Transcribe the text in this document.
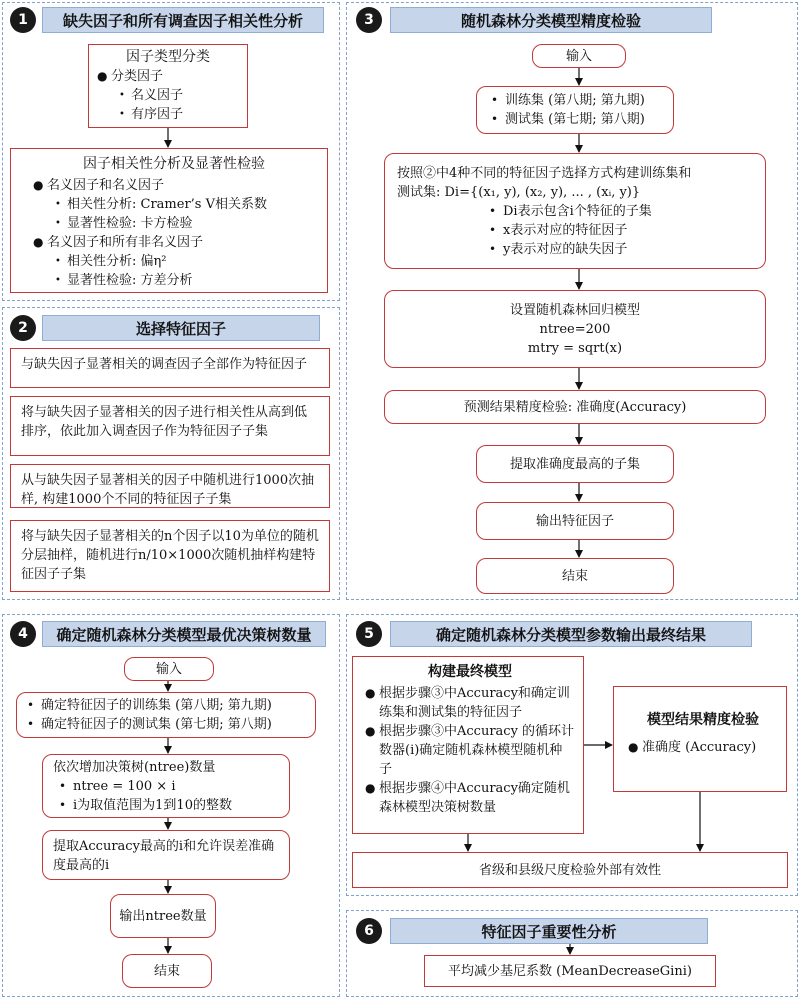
1	缺失因子和所有调查因子相关性分析
因子类型分类
● 分类因子
• 名义因子
• 有序因子
因子相关性分析及显著性检验
● 名义因子和名义因子
• 相关性分析: Cramer’s V相关系数
• 显著性检验: 卡方检验
● 名义因子和所有非名义因子
• 相关性分析: 偏η²
• 显著性检验: 方差分析
2	选择特征因子
与缺失因子显著相关的调查因子全部作为特征因子
将与缺失因子显著相关的因子进行相关性从高到低排序，依此加入调查因子作为特征因子子集
从与缺失因子显著相关的因子中随机进行1000次抽样, 构建1000个不同的特征因子子集
将与缺失因子显著相关的n个因子以10为单位的随机分层抽样，随机进行n/10×1000次随机抽样构建特征因子子集
3	随机森林分类模型精度检验
输入
• 训练集 (第八期; 第九期)
• 测试集 (第七期; 第八期)
按照②中4种不同的特征因子选择方式构建训练集和
测试集: Di={(x₁, y), (x₂, y), ... , (xᵢ, y)}
• Di表示包含i个特征的子集
• x表示对应的特征因子
• y表示对应的缺失因子
设置随机森林回归模型
ntree=200
mtry = sqrt(x)
预测结果精度检验: 准确度(Accuracy)
提取准确度最高的子集
输出特征因子
结束
4	确定随机森林分类模型最优决策树数量
输入
• 确定特征因子的训练集 (第八期; 第九期)
• 确定特征因子的测试集 (第七期; 第八期)
依次增加决策树(ntree)数量
• ntree = 100 × i
• i为取值范围为1到10的整数
提取Accuracy最高的i和允许误差准确度最高的i
输出ntree数量
结束
5	确定随机森林分类模型参数输出最终结果
构建最终模型
● 根据步骤③中Accuracy和确定训练集和测试集的特征因子
● 根据步骤③中Accuracy 的循环计数器(i)确定随机森林模型随机种子
● 根据步骤④中Accuracy确定随机森林模型决策树数量
模型结果精度检验
● 准确度 (Accuracy)
省级和县级尺度检验外部有效性
6	特征因子重要性分析
平均减少基尼系数 (MeanDecreaseGini)
